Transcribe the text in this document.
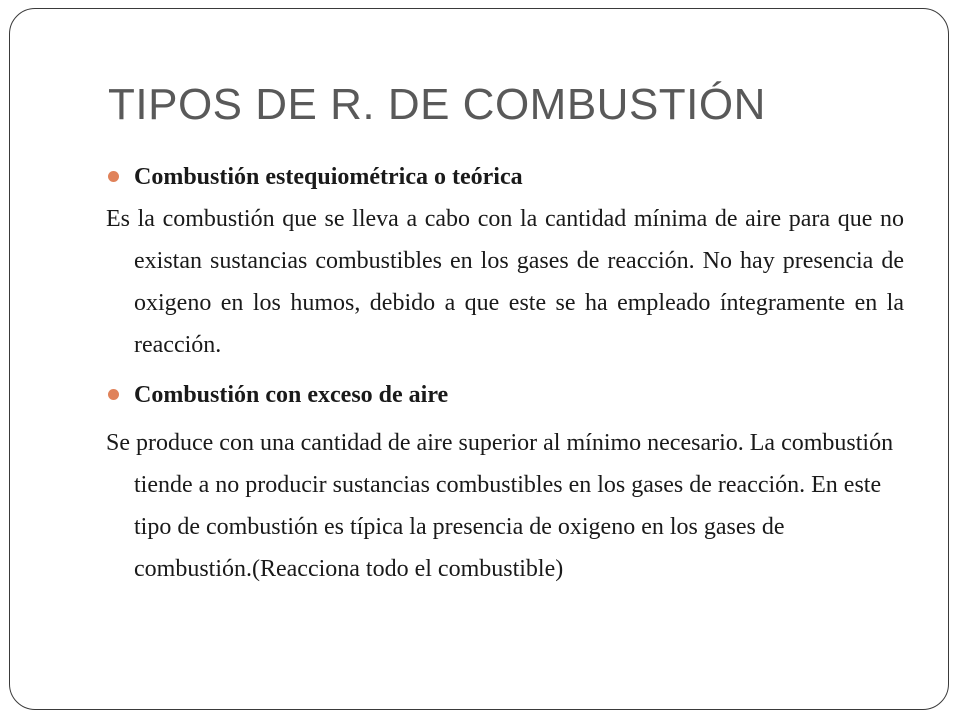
TIPOS DE R. DE COMBUSTIÓN

Combustión estequiométrica o teórica

Es la combustión que se lleva a cabo con la cantidad mínima de aire para que no existan sustancias combustibles en los gases de reacción. No hay presencia de oxigeno en los humos, debido a que este se ha empleado íntegramente en la reacción.

Combustión con exceso de aire

Se produce con una cantidad de aire superior al mínimo necesario. La combustión tiende a no producir sustancias combustibles en los gases de reacción. En este tipo de combustión es típica la presencia de oxigeno en los gases de combustión.(Reacciona todo el combustible)
